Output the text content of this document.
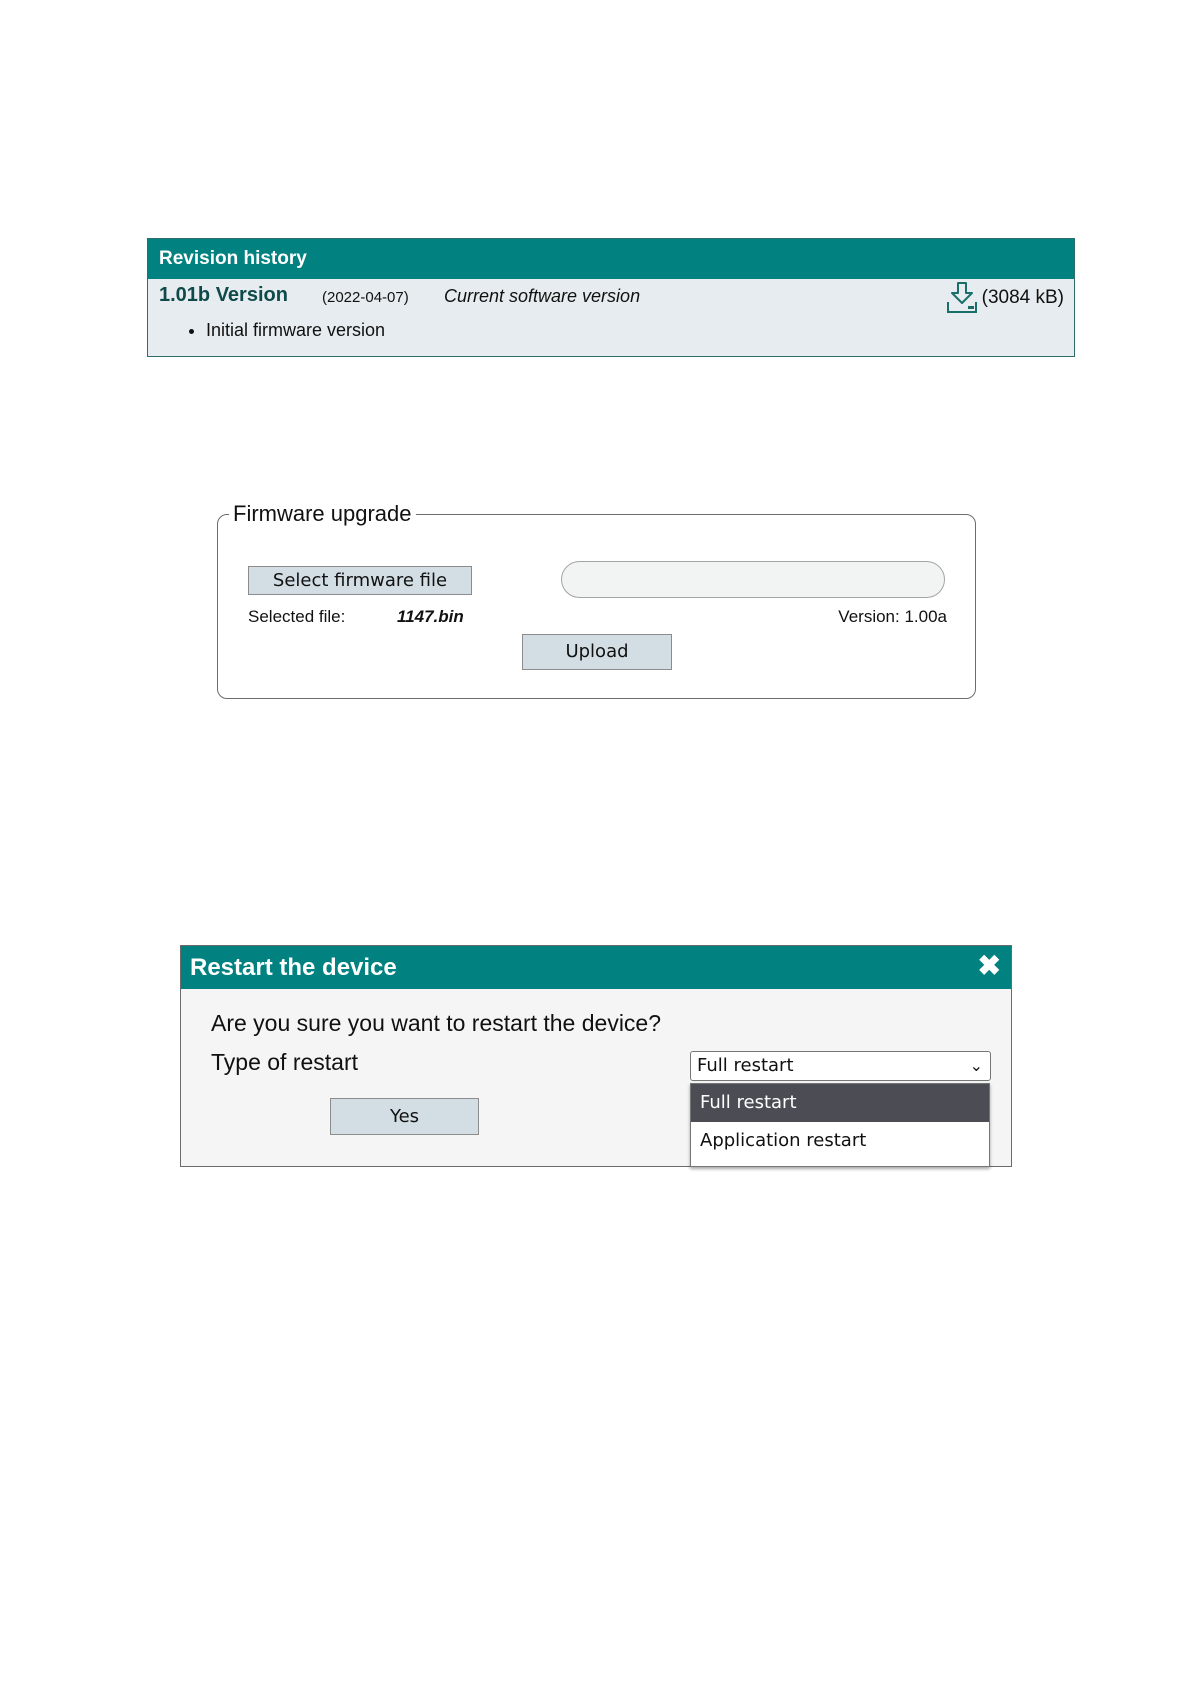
Revision history
1.01b Version (2022-04-07) Current software version	(3084 kB)
• Initial firmware version
Firmware upgrade
Select firmware file
Selected file:	1147.bin	Version: 1.00a
Upload
Restart the device	✖
Are you sure you want to restart the device?
Type of restart	Full restart	⌄
Yes
Full restart
Application restart
